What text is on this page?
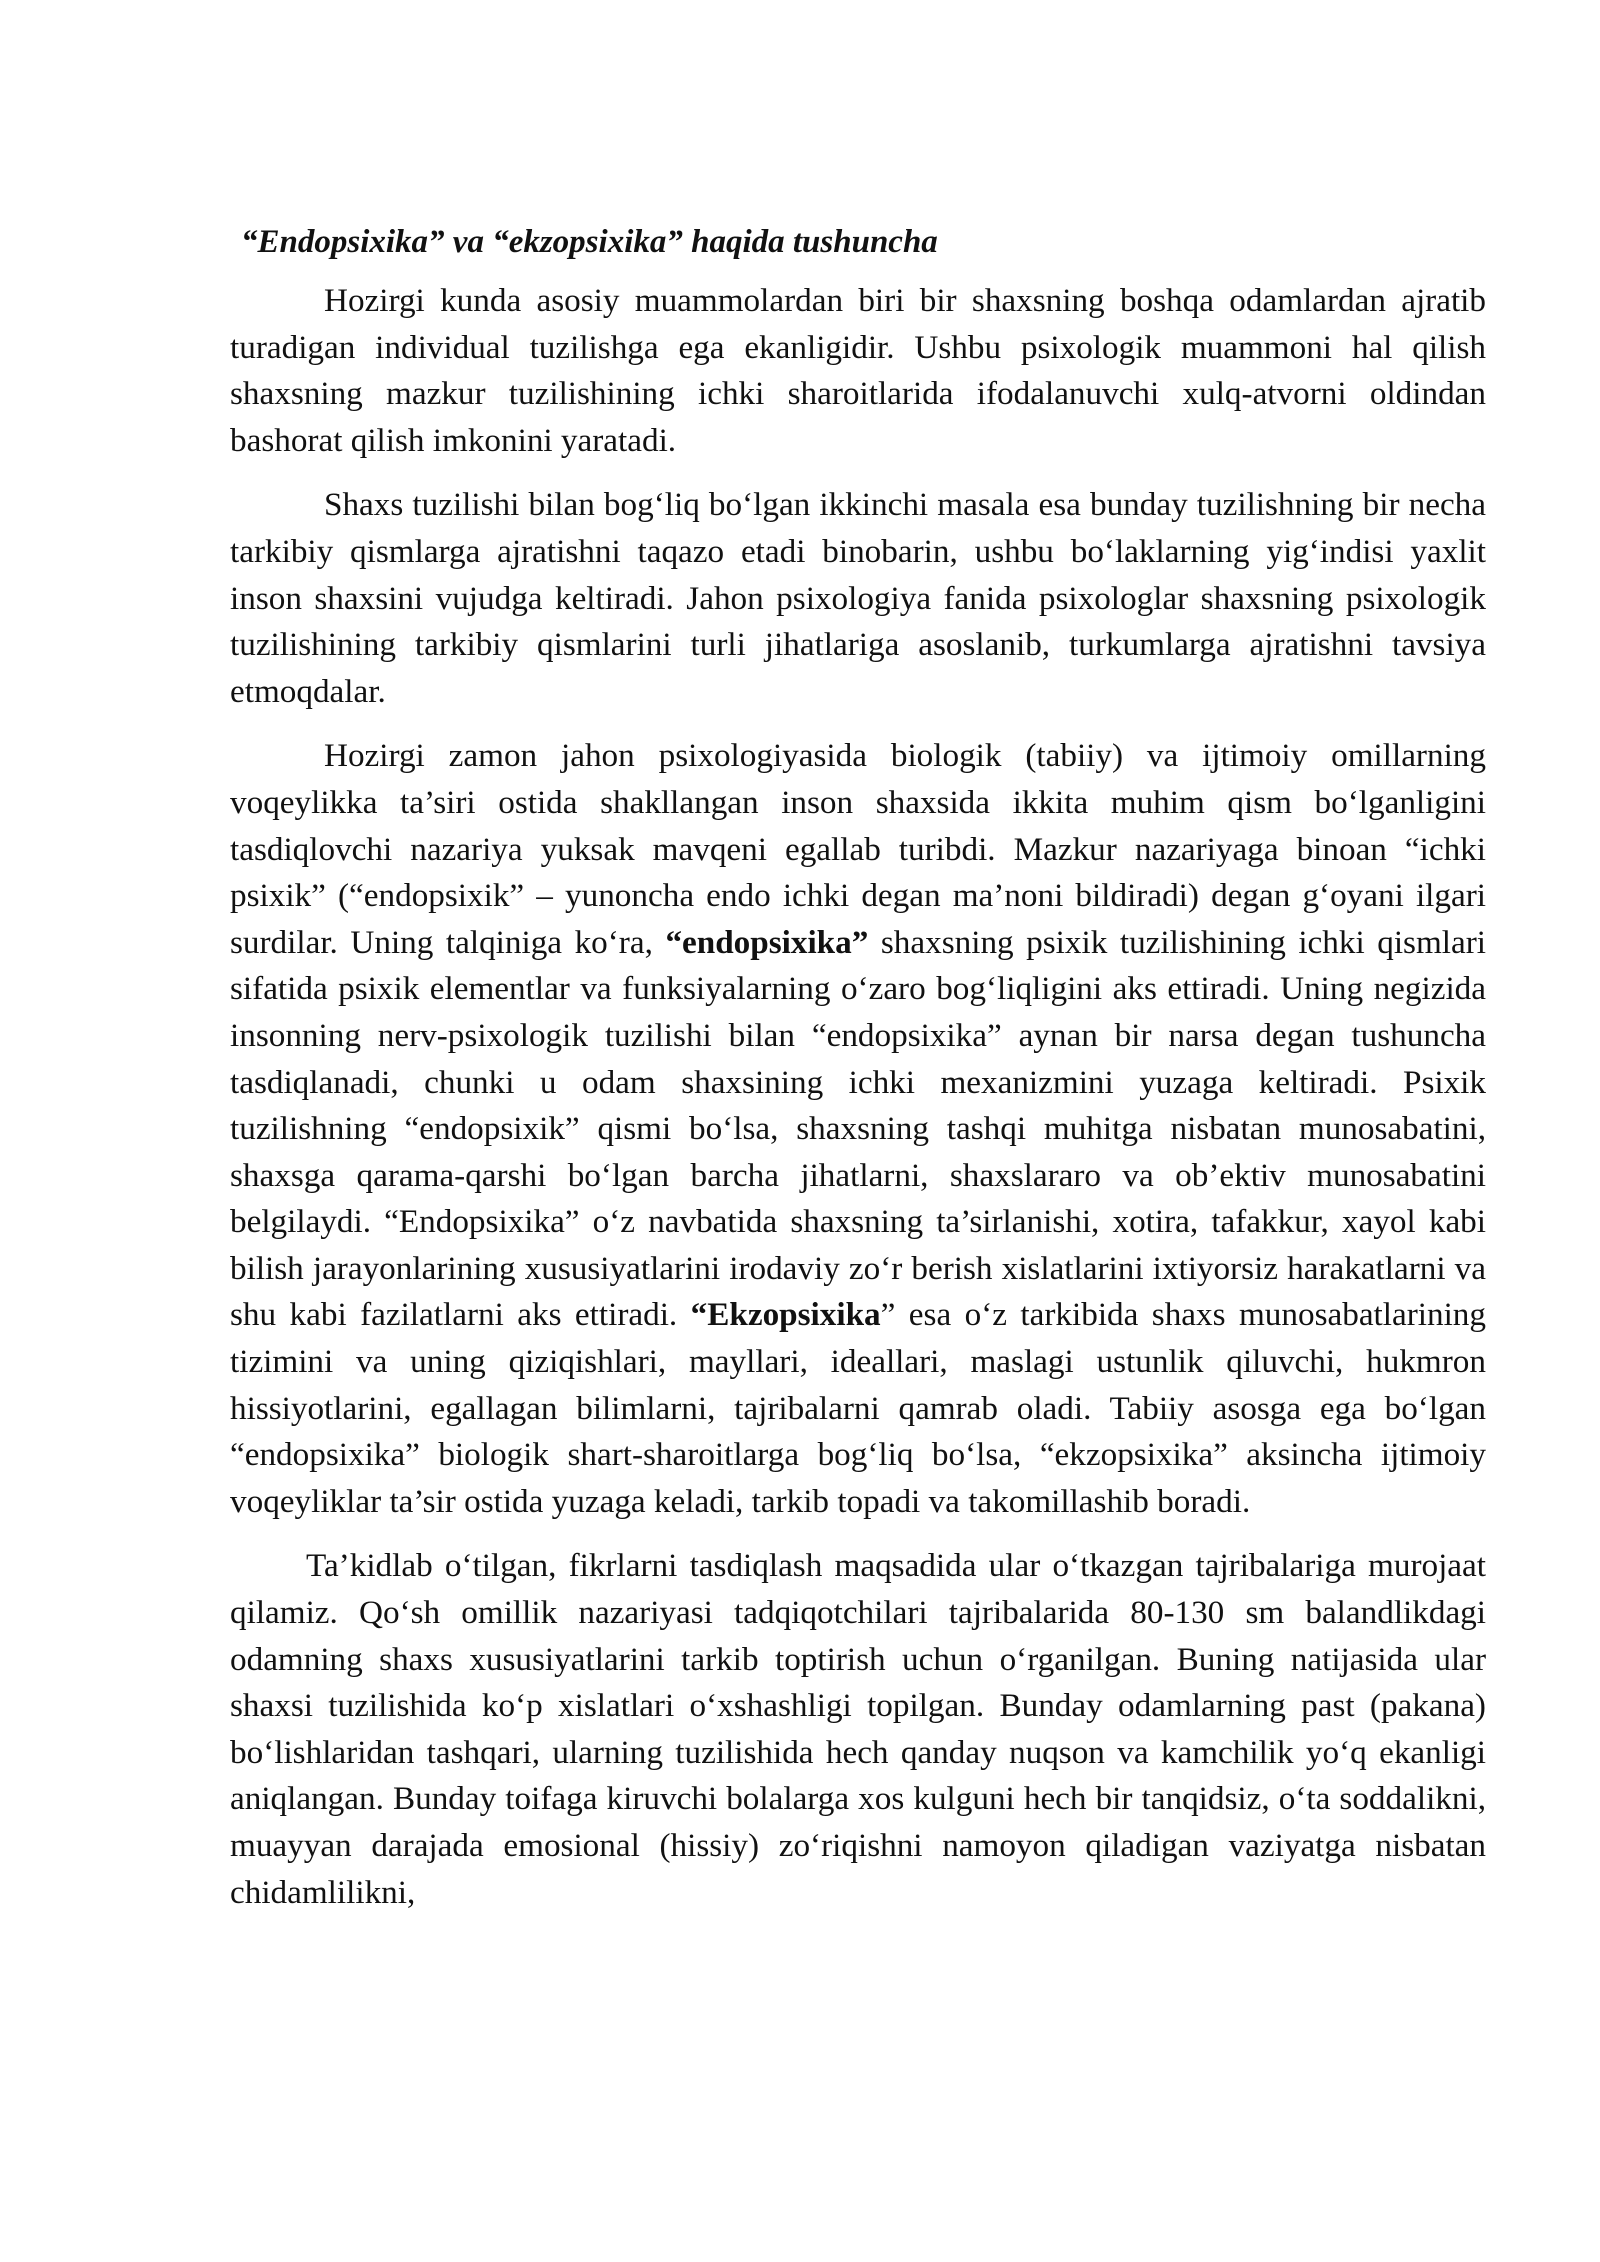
“Endopsixika” va “ekzopsixika” haqida tushuncha

Hozirgi kunda asosiy muammolardan biri bir shaxsning boshqa odamlardan ajratib turadigan individual tuzilishga ega ekanligidir. Ushbu psixologik muammoni hal qilish shaxsning mazkur tuzilishining ichki sharoitlarida ifodalanuvchi xulq-atvorni oldindan bashorat qilish imkonini yaratadi.

Shaxs tuzilishi bilan bog‘liq bo‘lgan ikkinchi masala esa bunday tuzilishning bir necha tarkibiy qismlarga ajratishni taqazo etadi binobarin, ushbu bo‘laklarning yig‘indisi yaxlit inson shaxsini vujudga keltiradi. Jahon psixologiya fanida psixologlar shaxsning psixologik tuzilishining tarkibiy qismlarini turli jihatlariga asoslanib, turkumlarga ajratishni tavsiya etmoqdalar.

Hozirgi zamon jahon psixologiyasida biologik (tabiiy) va ijtimoiy omillarning voqeylikka ta’siri ostida shakllangan inson shaxsida ikkita muhim qism bo‘lganligini tasdiqlovchi nazariya yuksak mavqeni egallab turibdi. Mazkur nazariyaga binoan “ichki psixik” (“endopsixik” – yunoncha endo ichki degan ma’noni bildiradi) degan g‘oyani ilgari surdilar. Uning talqiniga ko‘ra, “endopsixika” shaxsning psixik tuzilishining ichki qismlari sifatida psixik elementlar va funksiyalarning o‘zaro bog‘liqligini aks ettiradi. Uning negizida insonning nerv-psixologik tuzilishi bilan “endopsixika” aynan bir narsa degan tushuncha tasdiqlanadi, chunki u odam shaxsining ichki mexanizmini yuzaga keltiradi. Psixik tuzilishning “endopsixik” qismi bo‘lsa, shaxsning tashqi muhitga nisbatan munosabatini, shaxsga qarama-qarshi bo‘lgan barcha jihatlarni, shaxslararo va ob’ektiv munosabatini belgilaydi. “Endopsixika” o‘z navbatida shaxsning ta’sirlanishi, xotira, tafakkur, xayol kabi bilish jarayonlarining xususiyatlarini irodaviy zo‘r berish xislatlarini ixtiyorsiz harakatlarni va shu kabi fazilatlarni aks ettiradi. “Ekzopsixika” esa o‘z tarkibida shaxs munosabatlarining tizimini va uning qiziqishlari, mayllari, ideallari, maslagi ustunlik qiluvchi, hukmron hissiyotlarini, egallagan bilimlarni, tajribalarni qamrab oladi. Tabiiy asosga ega bo‘lgan “endopsixika” biologik shart-sharoitlarga bog‘liq bo‘lsa, “ekzopsixika” aksincha ijtimoiy voqeyliklar ta’sir ostida yuzaga keladi, tarkib topadi va takomillashib boradi.

Ta’kidlab o‘tilgan, fikrlarni tasdiqlash maqsadida ular o‘tkazgan tajribalariga murojaat qilamiz. Qo‘sh omillik nazariyasi tadqiqotchilari tajribalarida 80-130 sm balandlikdagi odamning shaxs xususiyatlarini tarkib toptirish uchun o‘rganilgan. Buning natijasida ular shaxsi tuzilishida ko‘p xislatlari o‘xshashligi topilgan. Bunday odamlarning past (pakana) bo‘lishlaridan tashqari, ularning tuzilishida hech qanday nuqson va kamchilik yo‘q ekanligi aniqlangan. Bunday toifaga kiruvchi bolalarga xos kulguni hech bir tanqidsiz, o‘ta soddalikni, muayyan darajada emosional (hissiy) zo‘riqishni namoyon qiladigan vaziyatga nisbatan chidamlilikni,
